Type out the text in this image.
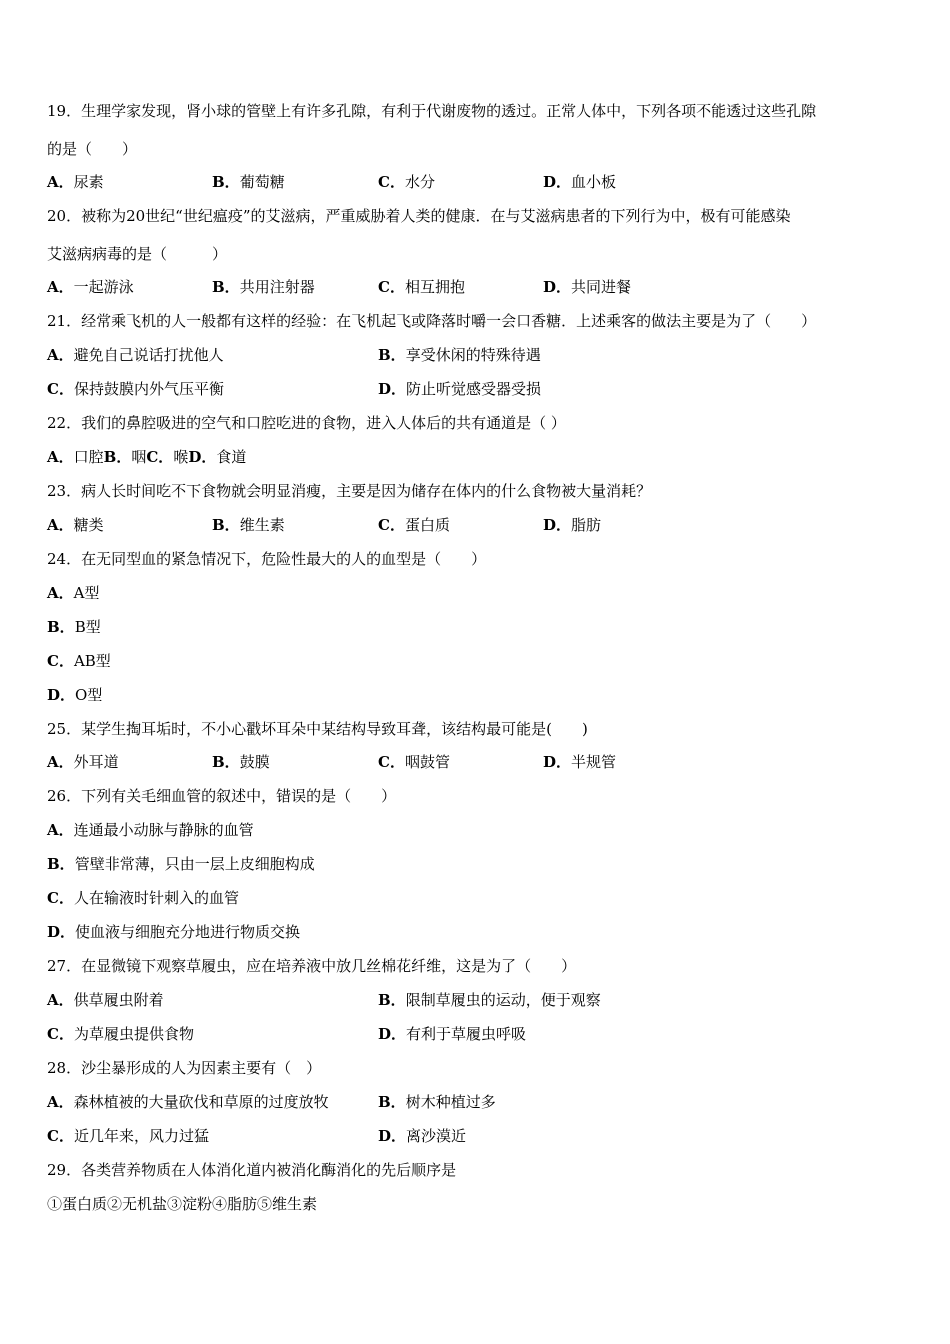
19．生理学家发现，肾小球的管壁上有许多孔隙，有利于代谢废物的透过。正常人体中，下列各项不能透过这些孔隙
的是（　　）
A．尿素	B．葡萄糖	C．水分	D．血小板
20．被称为20世纪“世纪瘟疫”的艾滋病，严重威胁着人类的健康．在与艾滋病患者的下列行为中，极有可能感染
艾滋病病毒的是（　　　）
A．一起游泳	B．共用注射器	C．相互拥抱	D．共同进餐
21．经常乘飞机的人一般都有这样的经验：在飞机起飞或降落时嚼一会口香糖．上述乘客的做法主要是为了（　　）
A．避免自己说话打扰他人	B．享受休闲的特殊待遇
C．保持鼓膜内外气压平衡	D．防止听觉感受器受损
22．我们的鼻腔吸进的空气和口腔吃进的食物，进入人体后的共有通道是（ ）
A．口腔B．咽C．喉D．食道
23．病人长时间吃不下食物就会明显消瘦，主要是因为储存在体内的什么食物被大量消耗？
A．糖类	B．维生素	C．蛋白质	D．脂肪
24．在无同型血的紧急情况下，危险性最大的人的血型是（　　）
A．A型
B．B型
C．AB型
D．O型
25．某学生掏耳垢时，不小心戳坏耳朵中某结构导致耳聋，该结构最可能是(　　)
A．外耳道	B．鼓膜	C．咽鼓管	D．半规管
26．下列有关毛细血管的叙述中，错误的是（　　）
A．连通最小动脉与静脉的血管
B．管壁非常薄，只由一层上皮细胞构成
C．人在输液时针刺入的血管
D．使血液与细胞充分地进行物质交换
27．在显微镜下观察草履虫，应在培养液中放几丝棉花纤维，这是为了（　　）
A．供草履虫附着	B．限制草履虫的运动，便于观察
C．为草履虫提供食物	D．有利于草履虫呼吸
28．沙尘暴形成的人为因素主要有（　）
A．森林植被的大量砍伐和草原的过度放牧	B．树木种植过多
C．近几年来，风力过猛	D．离沙漠近
29．各类营养物质在人体消化道内被消化酶消化的先后顺序是
①蛋白质②无机盐③淀粉④脂肪⑤维生素
